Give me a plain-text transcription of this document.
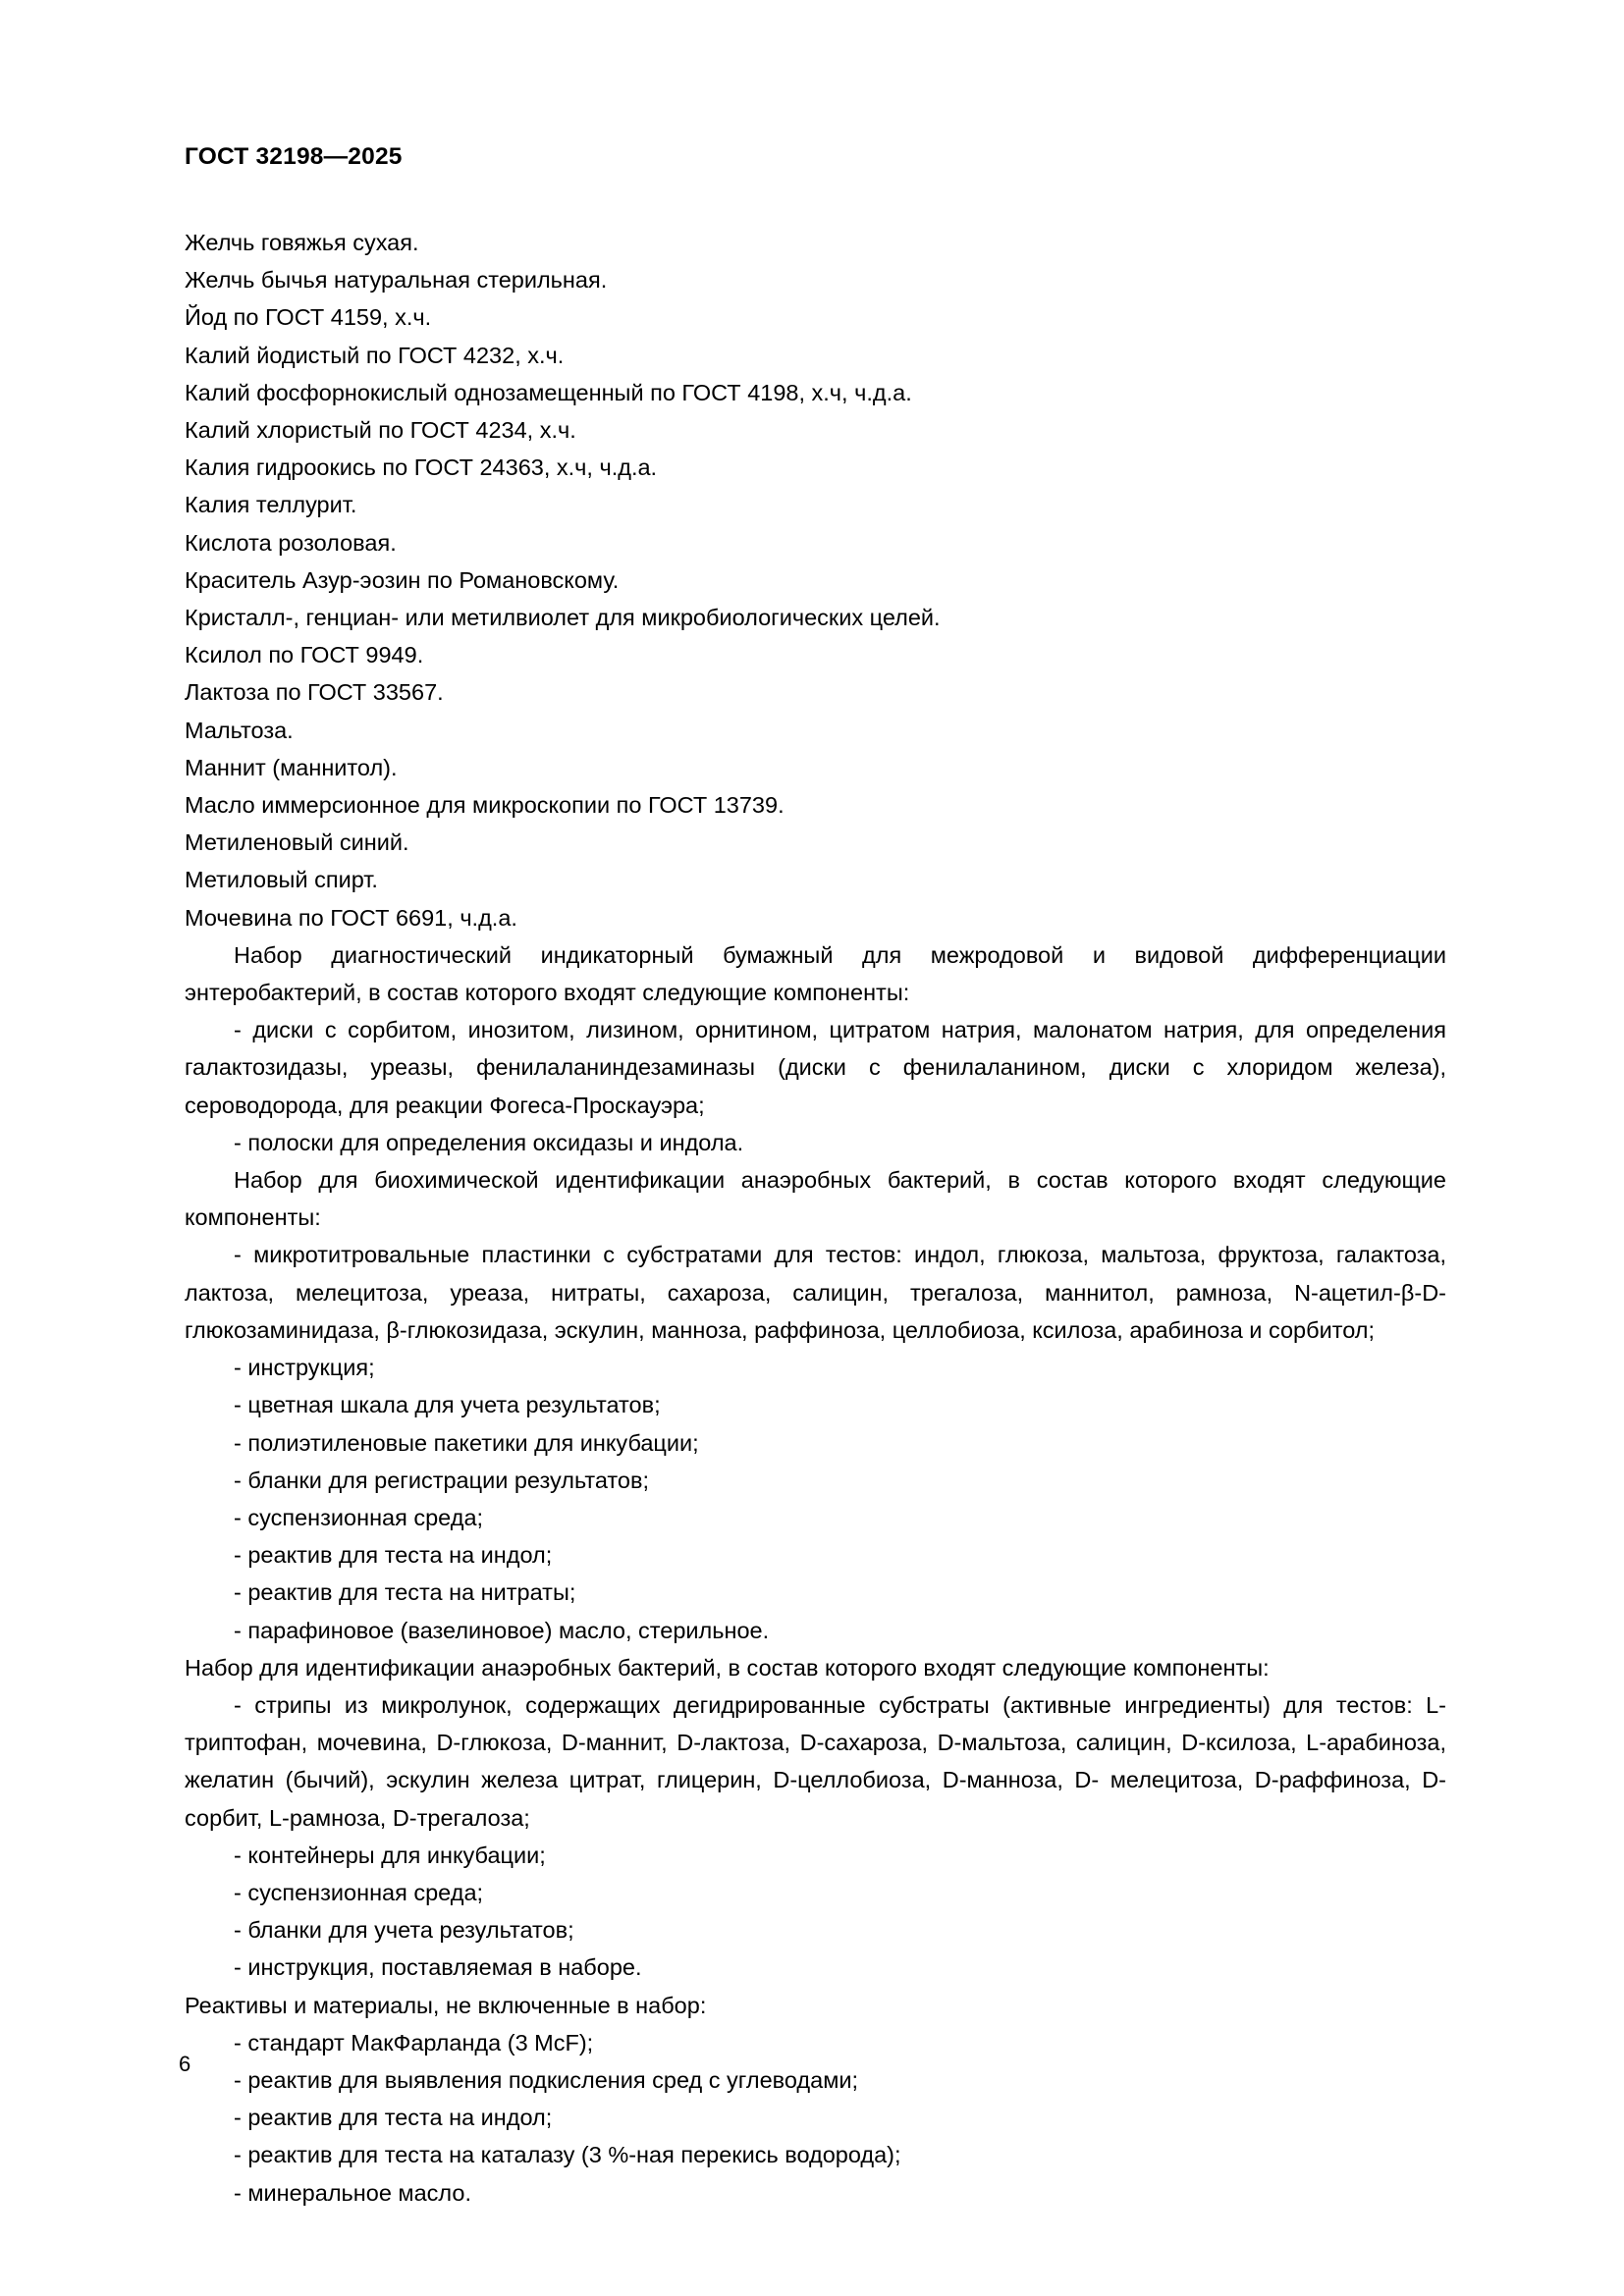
ГОСТ 32198—2025
Желчь говяжья сухая.
Желчь бычья натуральная стерильная.
Йод по ГОСТ 4159, х.ч.
Калий йодистый по ГОСТ 4232, х.ч.
Калий фосфорнокислый однозамещенный по ГОСТ 4198, х.ч, ч.д.а.
Калий хлористый по ГОСТ 4234, х.ч.
Калия гидроокись по ГОСТ 24363, х.ч, ч.д.а.
Калия теллурит.
Кислота розоловая.
Краситель Азур-эозин по Романовскому.
Кристалл-, генциан- или метилвиолет для микробиологических целей.
Ксилол по ГОСТ 9949.
Лактоза по ГОСТ 33567.
Мальтоза.
Маннит (маннитол).
Масло иммерсионное для микроскопии по ГОСТ 13739.
Метиленовый синий.
Метиловый спирт.
Мочевина по ГОСТ 6691, ч.д.а.

Набор диагностический индикаторный бумажный для межродовой и видовой дифференциации энтеробактерий, в состав которого входят следующие компоненты:

- диски с сорбитом, инозитом, лизином, орнитином, цитратом натрия, малонатом натрия, для определения галактозидазы, уреазы, фенилаланиндезаминазы (диски с фенилаланином, диски с хлоридом железа), сероводорода, для реакции Фогеса-Проскауэра;

- полоски для определения оксидазы и индола.

Набор для биохимической идентификации анаэробных бактерий, в состав которого входят следующие компоненты:

- микротитровальные пластинки с субстратами для тестов: индол, глюкоза, мальтоза, фруктоза, галактоза, лактоза, мелецитоза, уреаза, нитраты, сахароза, салицин, трегалоза, маннитол, рамноза, N-ацетил-β-D-глюкозаминидаза, β-глюкозидаза, эскулин, манноза, раффиноза, целлобиоза, ксилоза, арабиноза и сорбитол;

- инструкция;

- цветная шкала для учета результатов;

- полиэтиленовые пакетики для инкубации;

- бланки для регистрации результатов;

- суспензионная среда;

- реактив для теста на индол;

- реактив для теста на нитраты;

- парафиновое (вазелиновое) масло, стерильное.

Набор для идентификации анаэробных бактерий, в состав которого входят следующие компоненты:

- стрипы из микролунок, содержащих дегидрированные субстраты (активные ингредиенты) для тестов: L-триптофан, мочевина, D-глюкоза, D-маннит, D-лактоза, D-сахароза, D-мальтоза, салицин, D-ксилоза, L-арабиноза, желатин (бычий), эскулин железа цитрат, глицерин, D-целлобиоза, D-манноза, D- мелецитоза, D-раффиноза, D-сорбит, L-рамноза, D-трегалоза;

- контейнеры для инкубации;

- суспензионная среда;

- бланки для учета результатов;

- инструкция, поставляемая в наборе.

Реактивы и материалы, не включенные в набор:

- стандарт МакФарланда (3 McF);

- реактив для выявления подкисления сред с углеводами;

- реактив для теста на индол;

- реактив для теста на каталазу (3 %-ная перекись водорода);

- минеральное масло.

6
